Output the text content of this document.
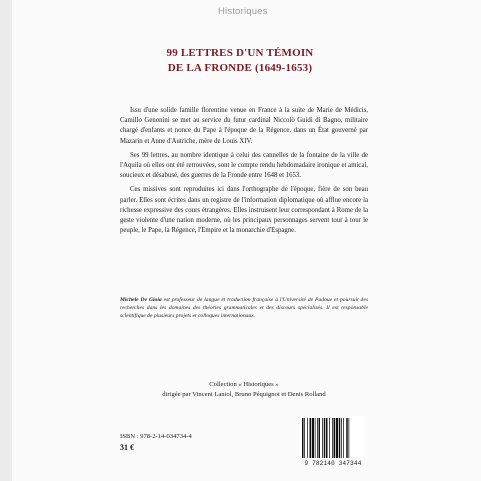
Historiques
99 LETTRES D'UN TÉMOIN
DE LA FRONDE (1649-1653)

Issu d'une solide famille florentine venue en France à la suite de Marie de Médicis, Camillo Genonini se met au service du futur cardinal Niccolò Guidi di Bagno, militaire chargé d'enfants et nonce du Pape à l'époque de la Régence, dans un État gouverné par Mazarin et Anne d'Autriche, mère de Louis XIV.

Ses 99 lettres, au nombre identique à celui des cannelles de la fontaine de la ville de l'Aquila où elles ont été retrouvées, sont le compte rendu hebdomadaire ironique et amical, soucieux et désabusé, des guerres de la Fronde entre 1648 et 1653.

Ces missives sont reproduites ici dans l'orthographe de l'époque, fière de son beau parler. Elles sont écrites dans un registre de l'information diplomatique où afflue encore la richesse expressive des cours étrangères. Elles instruisent leur correspondant à Rome de la geste violente d'une nation moderne, où les principaux personnages servent tour à tour le peuple, le Pape, la Régence, l'Empire et la monarchie d'Espagne.

Michele De Gioia est professeur de langue et traduction française à l'Université de Padoue et poursuit des recherches dans les domaines des théories grammaticales et des discours spécialisés. Il est responsable scientifique de plusieurs projets et colloques internationaux.
Collection « Historiques »
dirigée par Vincent Laniol, Bruno Péquignot et Denis Rolland
ISBN : 978-2-14-034734-4
31 €
9 782140 347344
